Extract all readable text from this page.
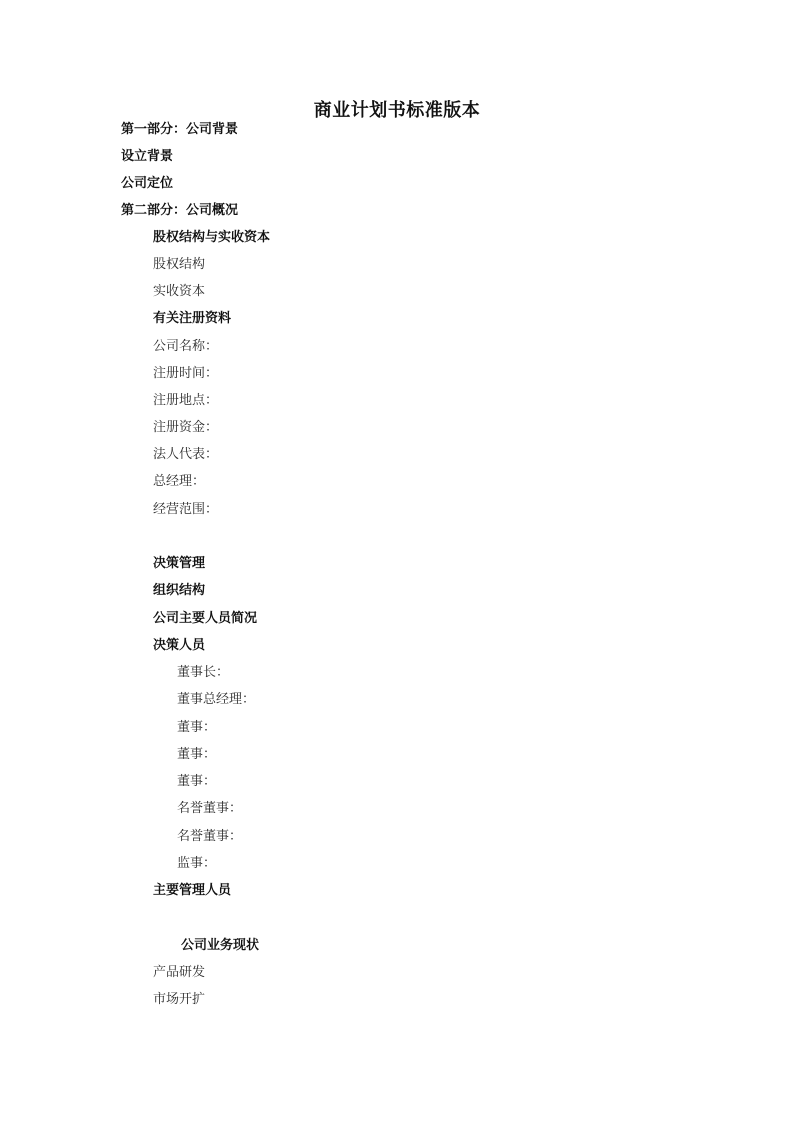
商业计划书标准版本
第一部分：公司背景
设立背景
公司定位
第二部分：公司概况
股权结构与实收资本
股权结构
实收资本
有关注册资料
公司名称：
注册时间：
注册地点：
注册资金：
法人代表：
总经理：
经营范围：
决策管理
组织结构
公司主要人员简况
决策人员
董事长：
董事总经理：
董事：
董事：
董事：
名誉董事：
名誉董事：
监事：
主要管理人员
公司业务现状
产品研发
市场开扩
